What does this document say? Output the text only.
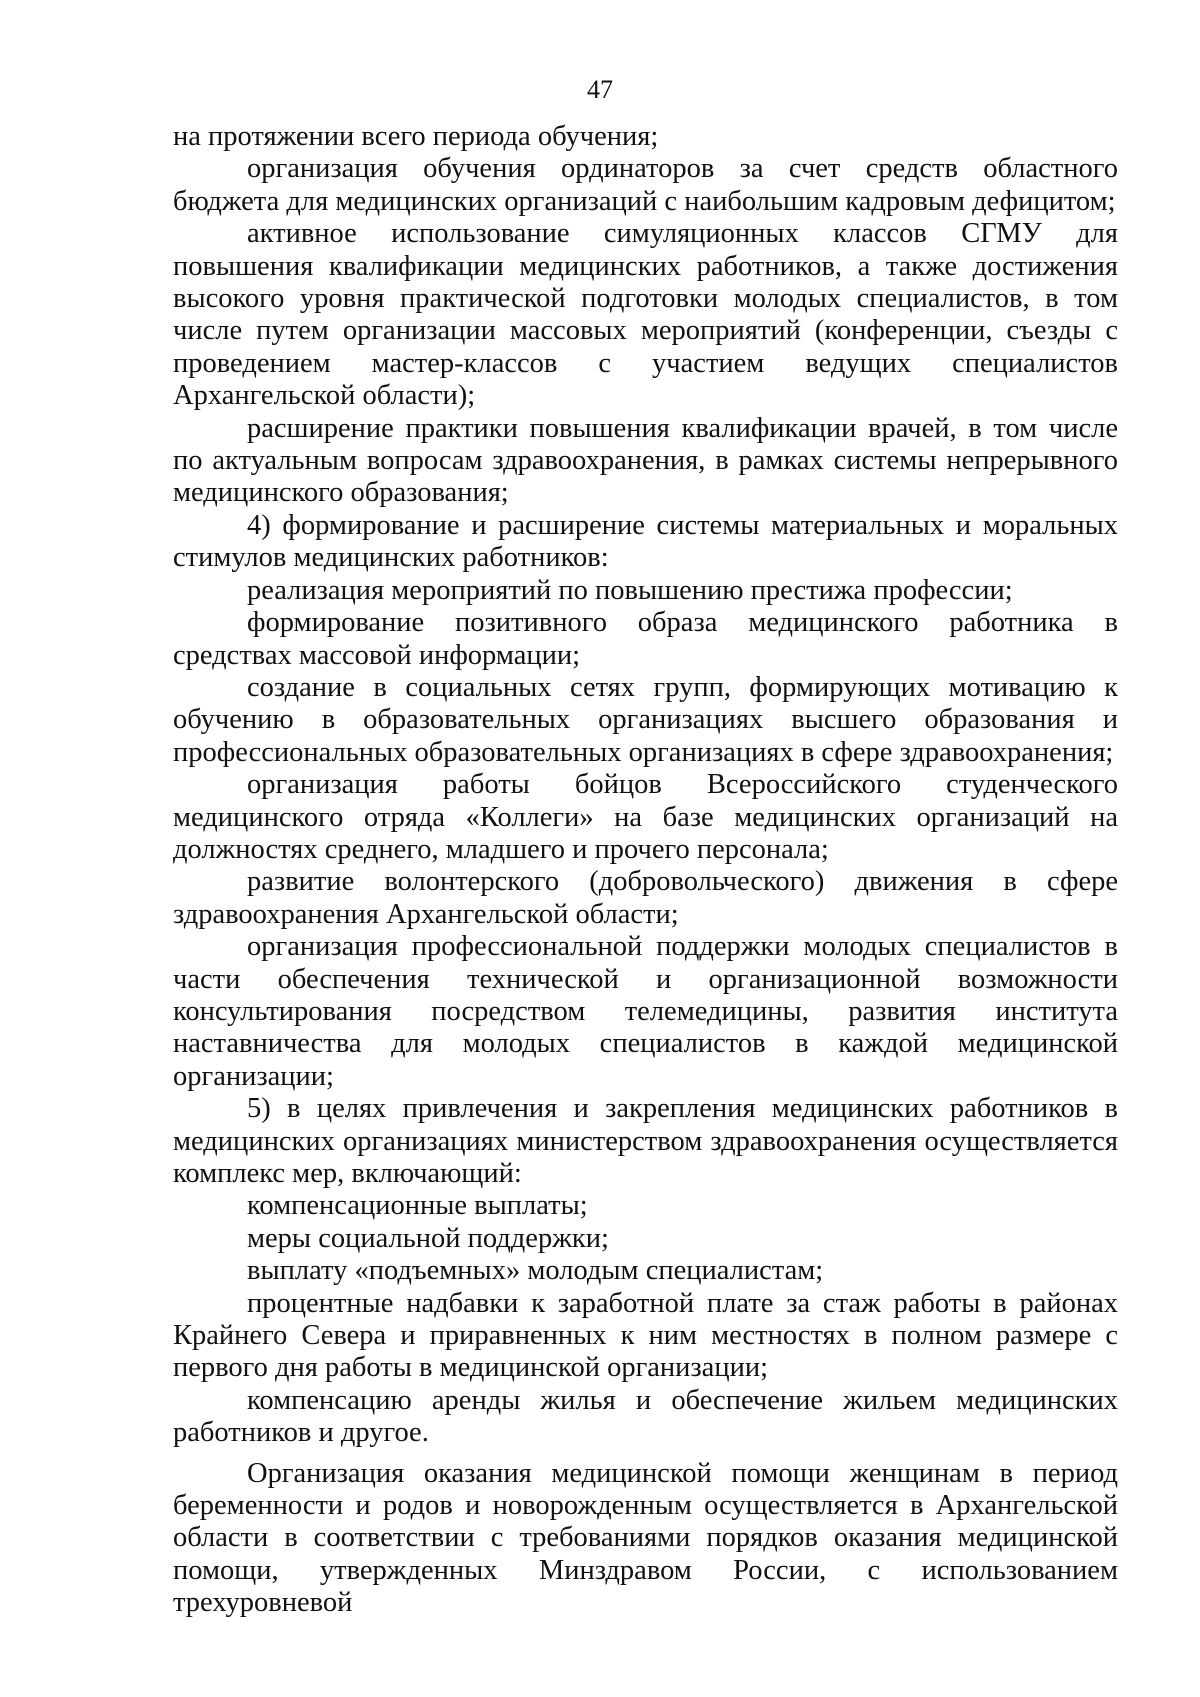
47

на протяжении всего периода обучения;

организация обучения ординаторов за счет средств областного бюджета для медицинских организаций с наибольшим кадровым дефицитом;

активное использование симуляционных классов СГМУ для повышения квалификации медицинских работников, а также достижения высокого уровня практической подготовки молодых специалистов, в том числе путем организации массовых мероприятий (конференции, съезды с проведением мастер-классов с участием ведущих специалистов Архангельской области);

расширение практики повышения квалификации врачей, в том числе по актуальным вопросам здравоохранения, в рамках системы непрерывного медицинского образования;

4) формирование и расширение системы материальных и моральных стимулов медицинских работников:

реализация мероприятий по повышению престижа профессии;

формирование позитивного образа медицинского работника в средствах массовой информации;

создание в социальных сетях групп, формирующих мотивацию к обучению в образовательных организациях высшего образования и профессиональных образовательных организациях в сфере здравоохранения;

организация работы бойцов Всероссийского студенческого медицинского отряда «Коллеги» на базе медицинских организаций на должностях среднего, младшего и прочего персонала;

развитие волонтерского (добровольческого) движения в сфере здравоохранения Архангельской области;

организация профессиональной поддержки молодых специалистов в части обеспечения технической и организационной возможности консультирования посредством телемедицины, развития института наставничества для молодых специалистов в каждой медицинской организации;

5) в целях привлечения и закрепления медицинских работников в медицинских организациях министерством здравоохранения осуществляется комплекс мер, включающий:

компенсационные выплаты;

меры социальной поддержки;

выплату «подъемных» молодым специалистам;

процентные надбавки к заработной плате за стаж работы в районах Крайнего Севера и приравненных к ним местностях в полном размере с первого дня работы в медицинской организации;

компенсацию аренды жилья и обеспечение жильем медицинских работников и другое.

Организация оказания медицинской помощи женщинам в период беременности и родов и новорожденным осуществляется в Архангельской области в соответствии с требованиями порядков оказания медицинской помощи, утвержденных Минздравом России, с использованием трехуровневой
